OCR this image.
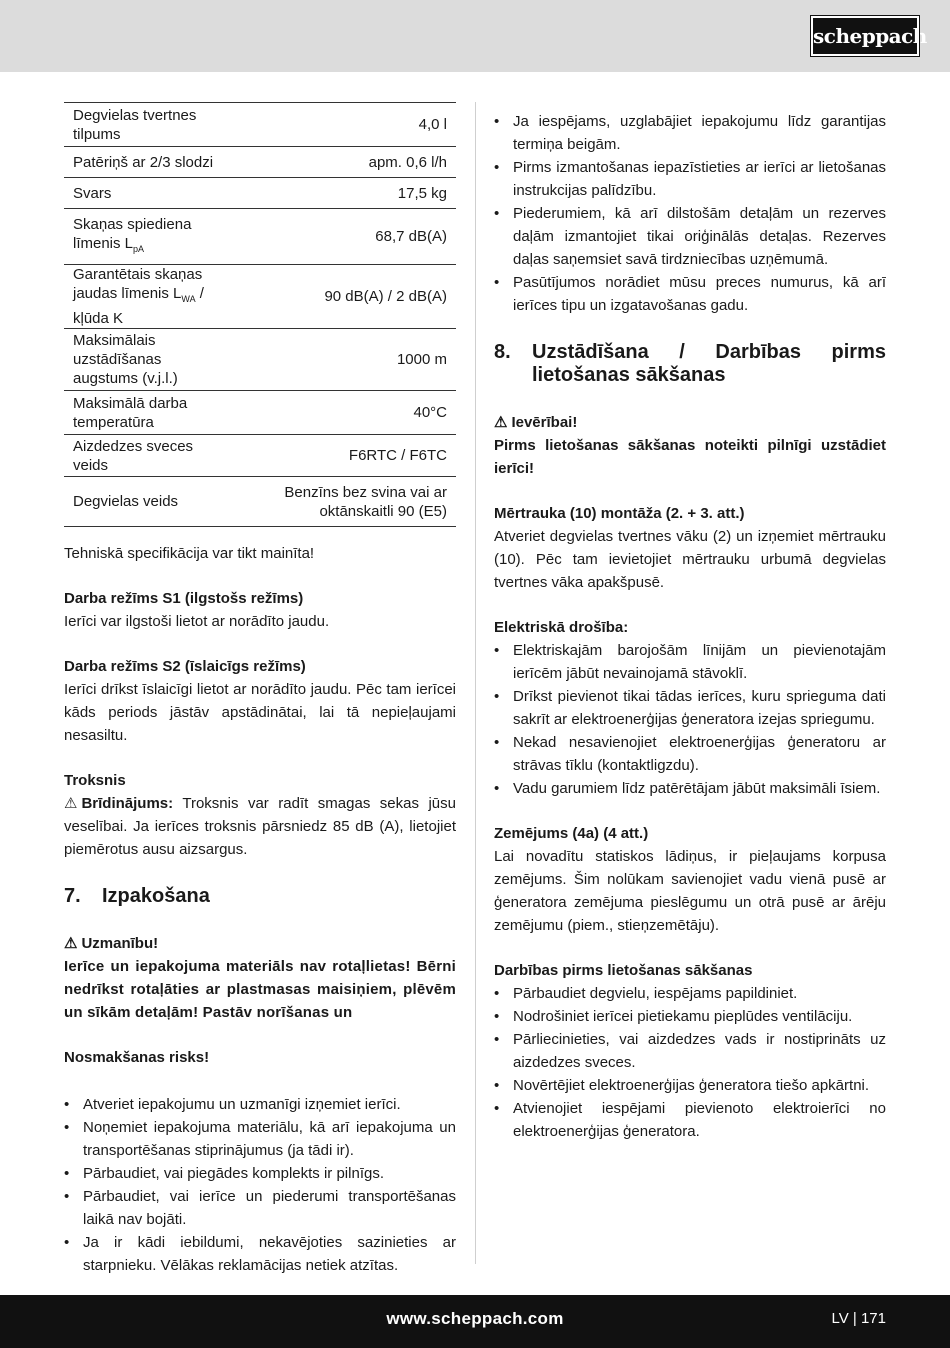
scheppach
Degvielas tvertnes tilpums	4,0 l
Patēriņš ar 2/3 slodzi	apm. 0,6 l/h
Svars	17,5 kg
Skaņas spiediena līmenis $L_{pA}$	68,7 dB(A)
Garantētais skaņas jaudas līmenis $L_{WA}$ / kļūda K	90 dB(A) / 2 dB(A)
Maksimālais uzstādīšanas augstums (v.j.l.)	1000 m
Maksimālā darba temperatūra	40°C
Aizdedzes sveces veids	F6RTC / F6TC
Degvielas veids	Benzīns bez svina vai ar oktānskaitli 90 (E5)

Tehniskā specifikācija var tikt mainīta!

Darba režīms S1 (ilgstošs režīms)

Ierīci var ilgstoši lietot ar norādīto jaudu.

Darba režīms S2 (īslaicīgs režīms)

Ierīci drīkst īslaicīgi lietot ar norādīto jaudu. Pēc tam ierīcei kāds periods jāstāv apstādinātai, lai tā nepieļaujami nesasiltu.

Troksnis

⚠ Brīdinājums: Troksnis var radīt smagas sekas jūsu veselībai. Ja ierīces troksnis pārsniedz 85 dB (A), lietojiet piemērotus ausu aizsargus.

7.	Izpakošana

⚠ Uzmanību!

Ierīce un iepakojuma materiāls nav rotaļlietas! Bērni nedrīkst rotaļāties ar plastmasas maisiņiem, plēvēm un sīkām detaļām! Pastāv norīšanas un

Nosmakšanas risks!

• Atveriet iepakojumu un uzmanīgi izņemiet ierīci.
• Noņemiet iepakojuma materiālu, kā arī iepakojuma un transportēšanas stiprinājumus (ja tādi ir).
• Pārbaudiet, vai piegādes komplekts ir pilnīgs.
• Pārbaudiet, vai ierīce un piederumi transportēšanas laikā nav bojāti.
• Ja ir kādi iebildumi, nekavējoties sazinieties ar starpnieku. Vēlākas reklamācijas netiek atzītas.
• Ja iespējams, uzglabājiet iepakojumu līdz garantijas termiņa beigām.
• Pirms izmantošanas iepazīstieties ar ierīci ar lietošanas instrukcijas palīdzību.
• Piederumiem, kā arī dilstošām detaļām un rezerves daļām izmantojiet tikai oriģinālās detaļas. Rezerves daļas saņemsiet savā tirdzniecības uzņēmumā.
• Pasūtījumos norādiet mūsu preces numurus, kā arī ierīces tipu un izgatavošanas gadu.
8.	Uzstādīšana / Darbības pirms lietošanas sākšanas

⚠ Ievērībai!

Pirms lietošanas sākšanas noteikti pilnīgi uzstādiet ierīci!

Mērtrauka (10) montāža (2. + 3. att.)

Atveriet degvielas tvertnes vāku (2) un izņemiet mērtrauku (10). Pēc tam ievietojiet mērtrauku urbumā degvielas tvertnes vāka apakšpusē.

Elektriskā drošība:

• Elektriskajām barojošām līnijām un pievienotajām ierīcēm jābūt nevainojamā stāvoklī.
• Drīkst pievienot tikai tādas ierīces, kuru sprieguma dati sakrīt ar elektroenerģijas ģeneratora izejas spriegumu.
• Nekad nesavienojiet elektroenerģijas ģeneratoru ar strāvas tīklu (kontaktligzdu).
• Vadu garumiem līdz patērētājam jābūt maksimāli īsiem.

Zemējums (4a) (4 att.)

Lai novadītu statiskos lādiņus, ir pieļaujams korpusa zemējums. Šim nolūkam savienojiet vadu vienā pusē ar ģeneratora zemējuma pieslēgumu un otrā pusē ar ārēju zemējumu (piem., stieņzemētāju).

Darbības pirms lietošanas sākšanas

• Pārbaudiet degvielu, iespējams papildiniet.
• Nodrošiniet ierīcei pietiekamu pieplūdes ventilāciju.
• Pārliecinieties, vai aizdedzes vads ir nostiprināts uz aizdedzes sveces.
• Novērtējiet elektroenerģijas ģeneratora tiešo apkārtni.
• Atvienojiet iespējami pievienoto elektroierīci no elektroenerģijas ģeneratora.
www.scheppach.com	LV | 171
